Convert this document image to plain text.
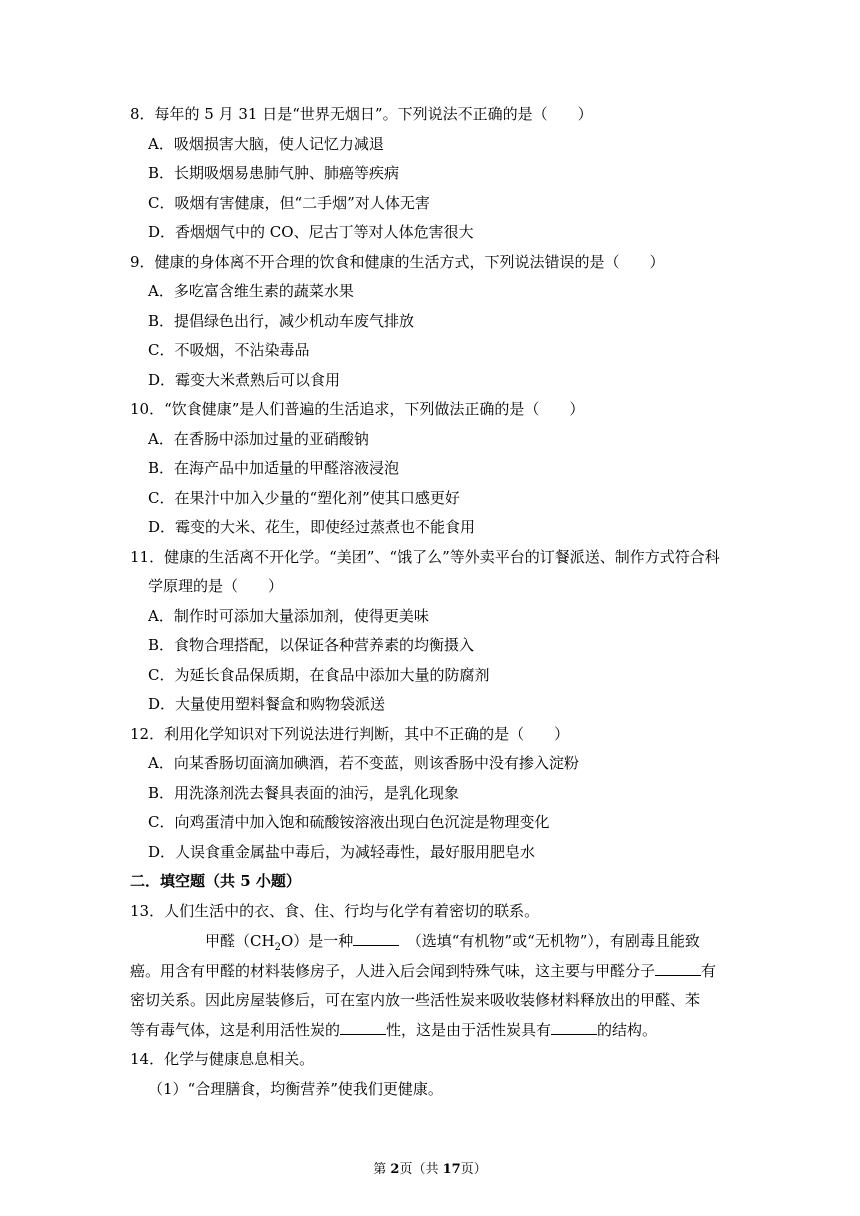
8．每年的 5 月 31 日是“世界无烟日”。下列说法不正确的是（　　）
A．吸烟损害大脑，使人记忆力减退
B．长期吸烟易患肺气肿、肺癌等疾病
C．吸烟有害健康，但“二手烟”对人体无害
D．香烟烟气中的 CO、尼古丁等对人体危害很大
9．健康的身体离不开合理的饮食和健康的生活方式，下列说法错误的是（　　）
A．多吃富含维生素的蔬菜水果
B．提倡绿色出行，减少机动车废气排放
C．不吸烟，不沾染毒品
D．霉变大米煮熟后可以食用
10．“饮食健康”是人们普遍的生活追求，下列做法正确的是（　　）
A．在香肠中添加过量的亚硝酸钠
B．在海产品中加适量的甲醛溶液浸泡
C．在果汁中加入少量的“塑化剂”使其口感更好
D．霉变的大米、花生，即使经过蒸煮也不能食用
11．健康的生活离不开化学。“美团”、“饿了么”等外卖平台的订餐派送、制作方式符合科
学原理的是（　　）
A．制作时可添加大量添加剂，使得更美味
B．食物合理搭配，以保证各种营养素的均衡摄入
C．为延长食品保质期，在食品中添加大量的防腐剂
D．大量使用塑料餐盒和购物袋派送
12．利用化学知识对下列说法进行判断，其中不正确的是（　　）
A．向某香肠切面滴加碘酒，若不变蓝，则该香肠中没有掺入淀粉
B．用洗涤剂洗去餐具表面的油污，是乳化现象
C．向鸡蛋清中加入饱和硫酸铵溶液出现白色沉淀是物理变化
D．人误食重金属盐中毒后，为减轻毒性，最好服用肥皂水
二．填空题（共 5 小题）
13．人们生活中的衣、食、住、行均与化学有着密切的联系。
甲醛$(CH_2O)$是一种	　（选填“有机物”或“无机物”），有剧毒且能致
癌。用含有甲醛的材料装修房子，人进入后会闻到特殊气味，这主要与甲醛分子	有
密切关系。因此房屋装修后，可在室内放一些活性炭来吸收装修材料释放出的甲醛、苯
等有毒气体，这是利用活性炭的	性，这是由于活性炭具有	的结构。
14．化学与健康息息相关。
（1）“合理膳食，均衡营养”使我们更健康。
第 2页（共 17页）
